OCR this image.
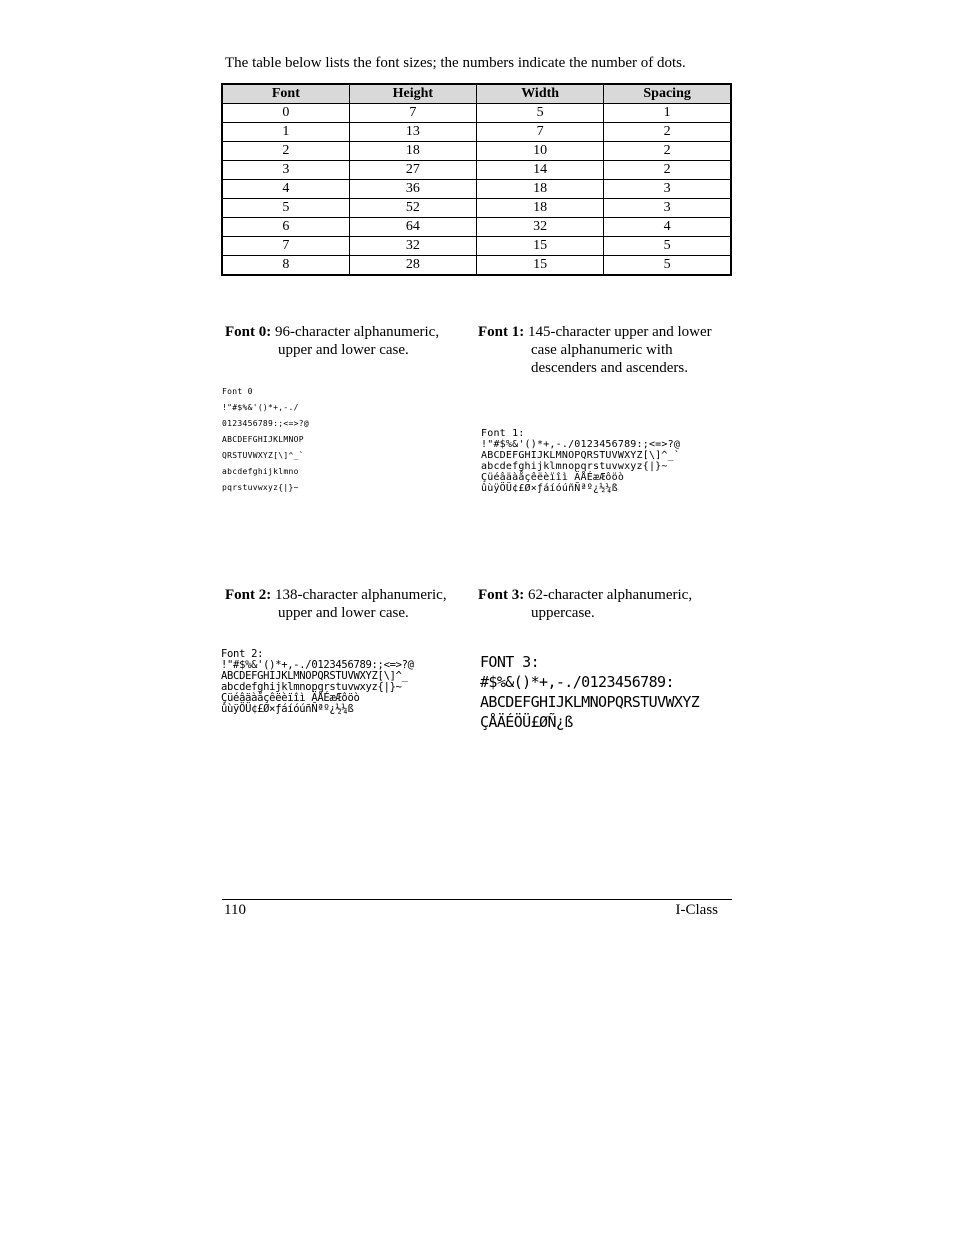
The table below lists the font sizes; the numbers indicate the number of dots.
Font	Height	Width	Spacing
0	7	5	1
1	13	7	2
2	18	10	2
3	27	14	2
4	36	18	3
5	52	18	3
6	64	32	4
7	32	15	5
8	28	15	5
Font 0: 96-character alphanumeric, upper and lower case.
Font 0
!"#$%&'()*+,-./
0123456789:;<=>?@
ABCDEFGHIJKLMNOP
QRSTUVWXYZ[\]^_`
abcdefghijklmno
pqrstuvwxyz{|}~
Font 1: 145-character upper and lower case alphanumeric with descenders and ascenders.
Font 1:
!"#$%&'()*+,-./0123456789:;<=>?@
ABCDEFGHIJKLMNOPQRSTUVWXYZ[\]^_`
abcdefghijklmnopqrstuvwxyz{|}~
Çüéâäàåçêëèïîì ÄÅÉæÆôöò
ûùÿÖÜ¢£Ø×ƒáíóúñÑªº¿½¼ß
Font 2: 138-character alphanumeric, upper and lower case.
Font 2:
!"#$%&'()*+,-./0123456789:;<=>?@
ABCDEFGHIJKLMNOPQRSTUVWXYZ[\]^_
abcdefghijklmnopqrstuvwxyz{|}~
Çüéâäàåçêëèïîì ÄÅÉæÆôöò
ûùÿÖÜ¢£Ø×ƒáíóúñÑªº¿½¼ß
Font 3: 62-character alphanumeric, uppercase.
FONT 3:
#$%&()*+,-./0123456789:
ABCDEFGHIJKLMNOPQRSTUVWXYZ
ÇÅÄÉÖÜ£ØÑ¿ß
110	I-Class
